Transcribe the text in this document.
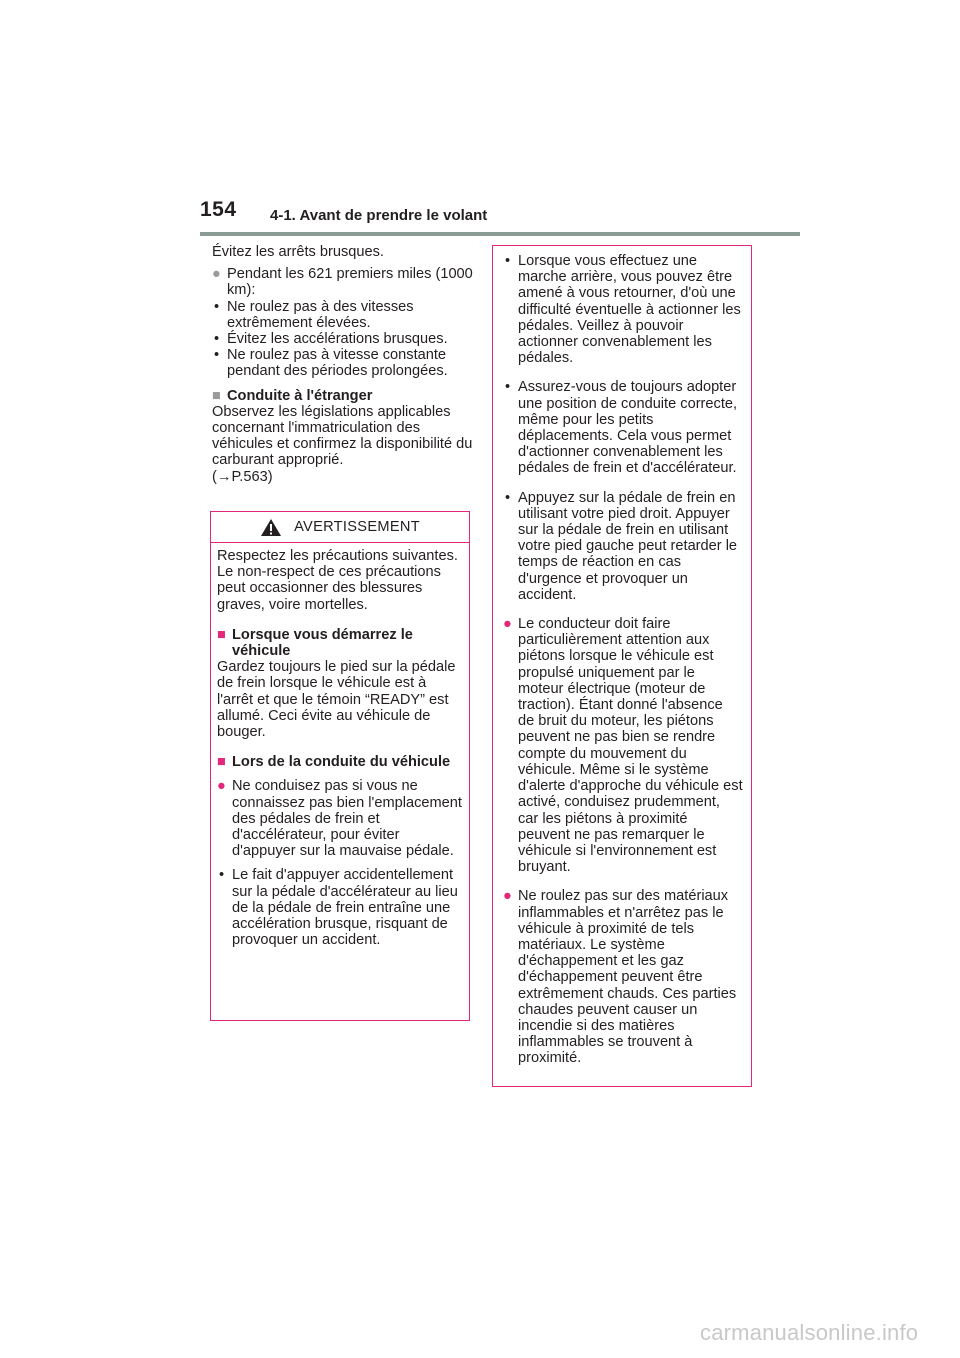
154 4-1. Avant de prendre le volant

Évitez les arrêts brusques.

● Pendant les 621 premiers miles (1000 km):

• Ne roulez pas à des vitesses extrêmement élevées.

• Évitez les accélérations brusques.

• Ne roulez pas à vitesse constante pendant des périodes prolongées.

■ Conduite à l'étranger

Observez les législations applicables concernant l'immatriculation des véhicules et confirmez la disponibilité du carburant approprié.
(→P.563)

AVERTISSEMENT

Respectez les précautions suivantes. Le non-respect de ces précautions peut occasionner des blessures graves, voire mortelles.

■ Lorsque vous démarrez le véhicule

Gardez toujours le pied sur la pédale de frein lorsque le véhicule est à l'arrêt et que le témoin “READY” est allumé. Ceci évite au véhicule de bouger.

■ Lors de la conduite du véhicule
● Ne conduisez pas si vous ne connaissez pas bien l'emplacement des pédales de frein et d'accélérateur, pour éviter d'appuyer sur la mauvaise pédale.

• Le fait d'appuyer accidentellement sur la pédale d'accélérateur au lieu de la pédale de frein entraîne une accélération brusque, risquant de provoquer un accident.

• Lorsque vous effectuez une marche arrière, vous pouvez être amené à vous retourner, d'où une difficulté éventuelle à actionner les pédales. Veillez à pouvoir actionner convenablement les pédales.

• Assurez-vous de toujours adopter une position de conduite correcte, même pour les petits déplacements. Cela vous permet d'actionner convenablement les pédales de frein et d'accélérateur.

• Appuyez sur la pédale de frein en utilisant votre pied droit. Appuyer sur la pédale de frein en utilisant votre pied gauche peut retarder le temps de réaction en cas d'urgence et provoquer un accident.

● Le conducteur doit faire particulièrement attention aux piétons lorsque le véhicule est propulsé uniquement par le moteur électrique (moteur de traction). Étant donné l'absence de bruit du moteur, les piétons peuvent ne pas bien se rendre compte du mouvement du véhicule. Même si le système d'alerte d'approche du véhicule est activé, conduisez prudemment, car les piétons à proximité peuvent ne pas remarquer le véhicule si l'environnement est bruyant.

● Ne roulez pas sur des matériaux inflammables et n'arrêtez pas le véhicule à proximité de tels matériaux. Le système d'échappement et les gaz d'échappement peuvent être extrêmement chauds. Ces parties chaudes peuvent causer un incendie si des matières inflammables se trouvent à proximité.

carmanualsonline.info
